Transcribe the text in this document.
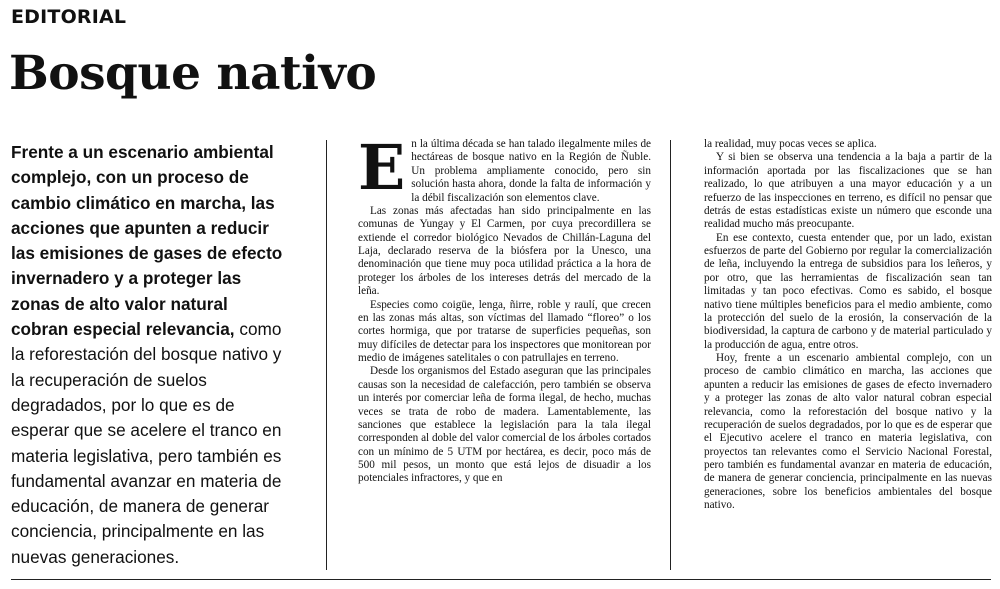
EDITORIAL
Bosque nativo
Frente a un escenario ambiental complejo, con un proceso de cambio climático en marcha, las acciones que apunten a reducir las emisiones de gases de efecto invernadero y a proteger las zonas de alto valor natural cobran especial relevancia, como la reforestación del bosque nativo y la recuperación de suelos degradados, por lo que es de esperar que se acelere el tranco en materia legislativa, pero también es fundamental avanzar en materia de educación, de manera de generar conciencia, principalmente en las nuevas generaciones.

En la última década se han talado ilegalmente miles de hectáreas de bosque nativo en la Región de Ñuble. Un problema ampliamente conocido, pero sin solución hasta ahora, donde la falta de información y la débil fiscalización son elementos clave.

Las zonas más afectadas han sido principalmente en las comunas de Yungay y El Carmen, por cuya precordillera se extiende el corredor biológico Nevados de Chillán-Laguna del Laja, declarado reserva de la biósfera por la Unesco, una denominación que tiene muy poca utilidad práctica a la hora de proteger los árboles de los intereses detrás del mercado de la leña.

Especies como coigüe, lenga, ñirre, roble y raulí, que crecen en las zonas más altas, son víctimas del llamado “floreo” o los cortes hormiga, que por tratarse de superficies pequeñas, son muy difíciles de detectar para los inspectores que monitorean por medio de imágenes satelitales o con patrullajes en terreno.

Desde los organismos del Estado aseguran que las principales causas son la necesidad de calefacción, pero también se observa un interés por comerciar leña de forma ilegal, de hecho, muchas veces se trata de robo de madera. Lamentablemente, las sanciones que establece la legislación para la tala ilegal corresponden al doble del valor comercial de los árboles cortados con un mínimo de 5 UTM por hectárea, es decir, poco más de 500 mil pesos, un monto que está lejos de disuadir a los potenciales infractores, y que en

la realidad, muy pocas veces se aplica.

Y si bien se observa una tendencia a la baja a partir de la información aportada por las fiscalizaciones que se han realizado, lo que atribuyen a una mayor educación y a un refuerzo de las inspecciones en terreno, es difícil no pensar que detrás de estas estadísticas existe un número que esconde una realidad mucho más preocupante.

En ese contexto, cuesta entender que, por un lado, existan esfuerzos de parte del Gobierno por regular la comercialización de leña, incluyendo la entrega de subsidios para los leñeros, y por otro, que las herramientas de fiscalización sean tan limitadas y tan poco efectivas. Como es sabido, el bosque nativo tiene múltiples beneficios para el medio ambiente, como la protección del suelo de la erosión, la conservación de la biodiversidad, la captura de carbono y de material particulado y la producción de agua, entre otros.

Hoy, frente a un escenario ambiental complejo, con un proceso de cambio climático en marcha, las acciones que apunten a reducir las emisiones de gases de efecto invernadero y a proteger las zonas de alto valor natural cobran especial relevancia, como la reforestación del bosque nativo y la recuperación de suelos degradados, por lo que es de esperar que el Ejecutivo acelere el tranco en materia legislativa, con proyectos tan relevantes como el Servicio Nacional Forestal, pero también es fundamental avanzar en materia de educación, de manera de generar conciencia, principalmente en las nuevas generaciones, sobre los beneficios ambientales del bosque nativo.
